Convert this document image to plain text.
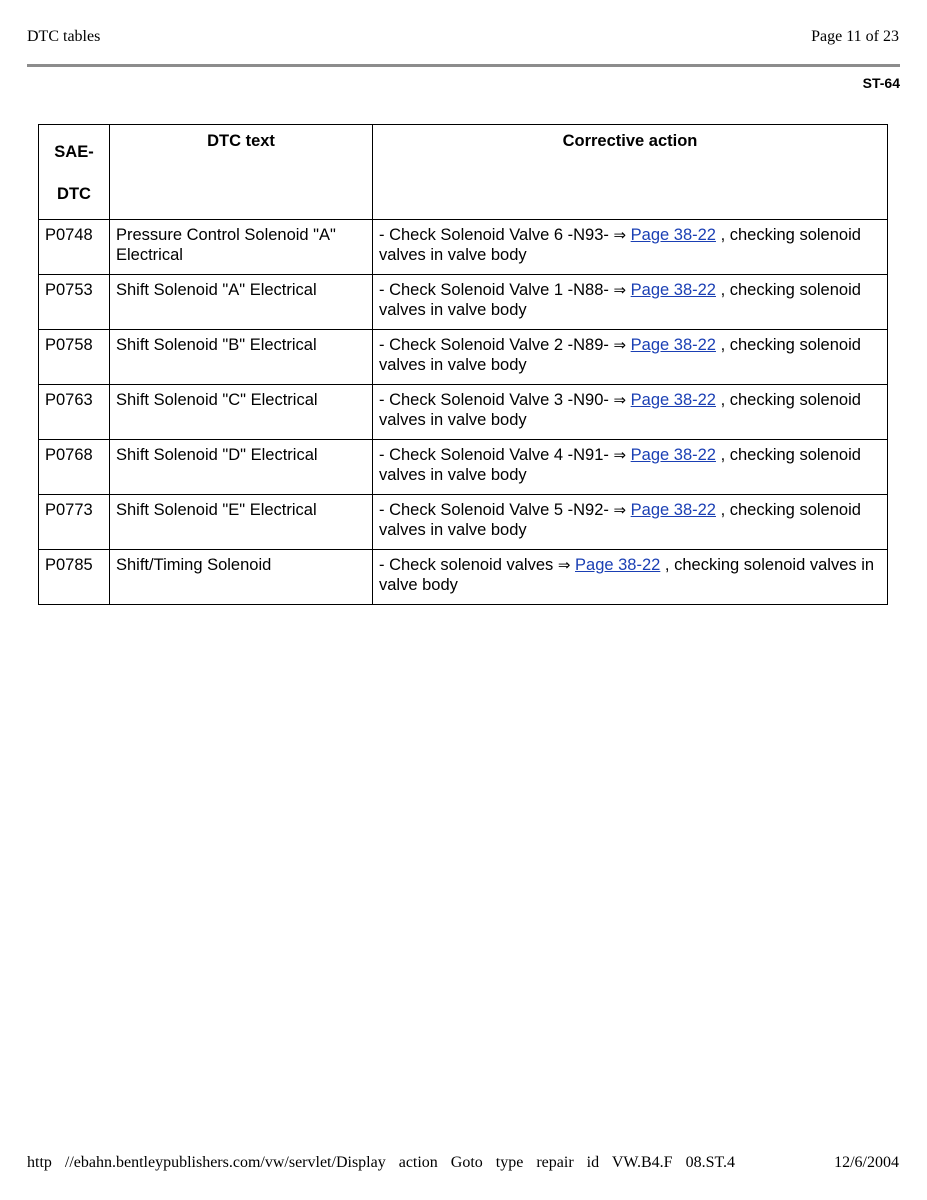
DTC tables	Page 11 of 23
ST-64
SAE-
DTC	DTC text	Corrective action
P0748	Pressure Control Solenoid "A" Electrical	- Check Solenoid Valve 6 -N93- ⇒ Page 38-22 , checking solenoid valves in valve body
P0753	Shift Solenoid "A" Electrical	- Check Solenoid Valve 1 -N88- ⇒ Page 38-22 , checking solenoid valves in valve body
P0758	Shift Solenoid "B" Electrical	- Check Solenoid Valve 2 -N89- ⇒ Page 38-22 , checking solenoid valves in valve body
P0763	Shift Solenoid "C" Electrical	- Check Solenoid Valve 3 -N90- ⇒ Page 38-22 , checking solenoid valves in valve body
P0768	Shift Solenoid "D" Electrical	- Check Solenoid Valve 4 -N91- ⇒ Page 38-22 , checking solenoid valves in valve body
P0773	Shift Solenoid "E" Electrical	- Check Solenoid Valve 5 -N92- ⇒ Page 38-22 , checking solenoid valves in valve body
P0785	Shift/Timing Solenoid	- Check solenoid valves ⇒ Page 38-22 , checking solenoid valves in valve body
http //ebahn.bentleypublishers.com/vw/servlet/Display action Goto type repair id VW.B4.F 08.ST.4	12/6/2004
